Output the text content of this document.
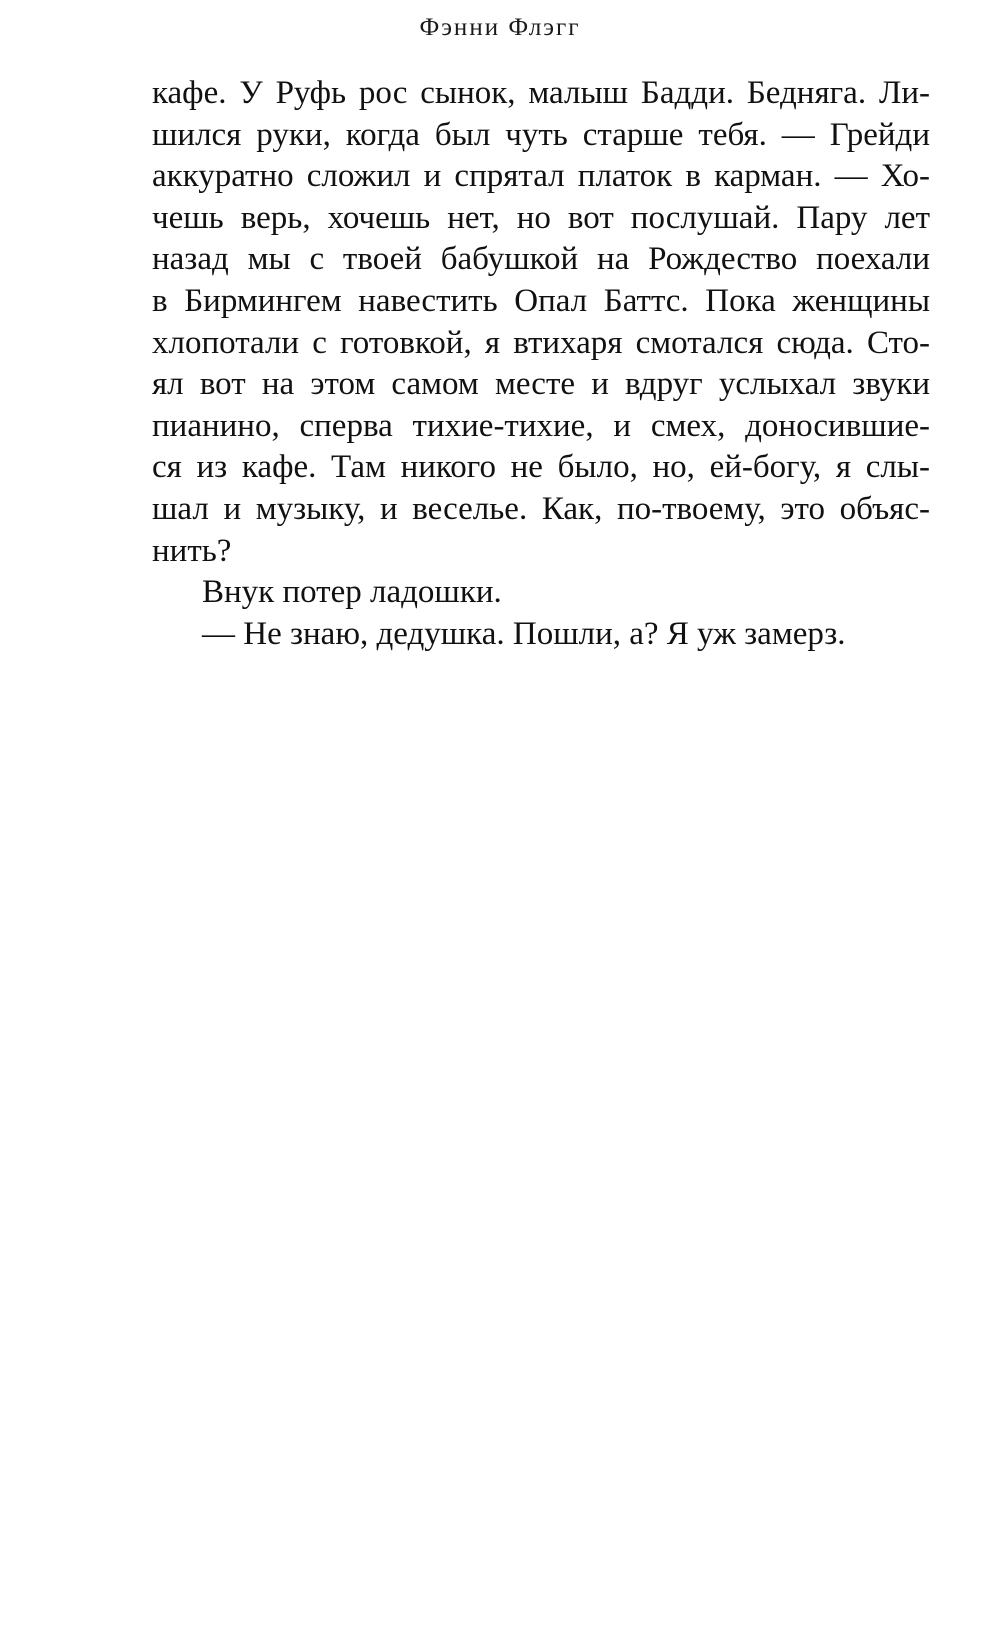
Фэнни Флэгг
кафе. У Руфь рос сынок, малыш Бадди. Бедняга. Ли-
шился руки, когда был чуть старше тебя. — Грейди
аккуратно сложил и спрятал платок в карман. — Хо-
чешь верь, хочешь нет, но вот послушай. Пару лет
назад мы с твоей бабушкой на Рождество поехали
в Бирмингем навестить Опал Баттс. Пока женщины
хлопотали с готовкой, я втихаря смотался сюда. Сто-
ял вот на этом самом месте и вдруг услыхал звуки
пианино, сперва тихие-тихие, и смех, доносившие-
ся из кафе. Там никого не было, но, ей-богу, я слы-
шал и музыку, и веселье. Как, по-твоему, это объяс-
нить?
Внук потер ладошки.
— Не знаю, дедушка. Пошли, а? Я уж замерз.
